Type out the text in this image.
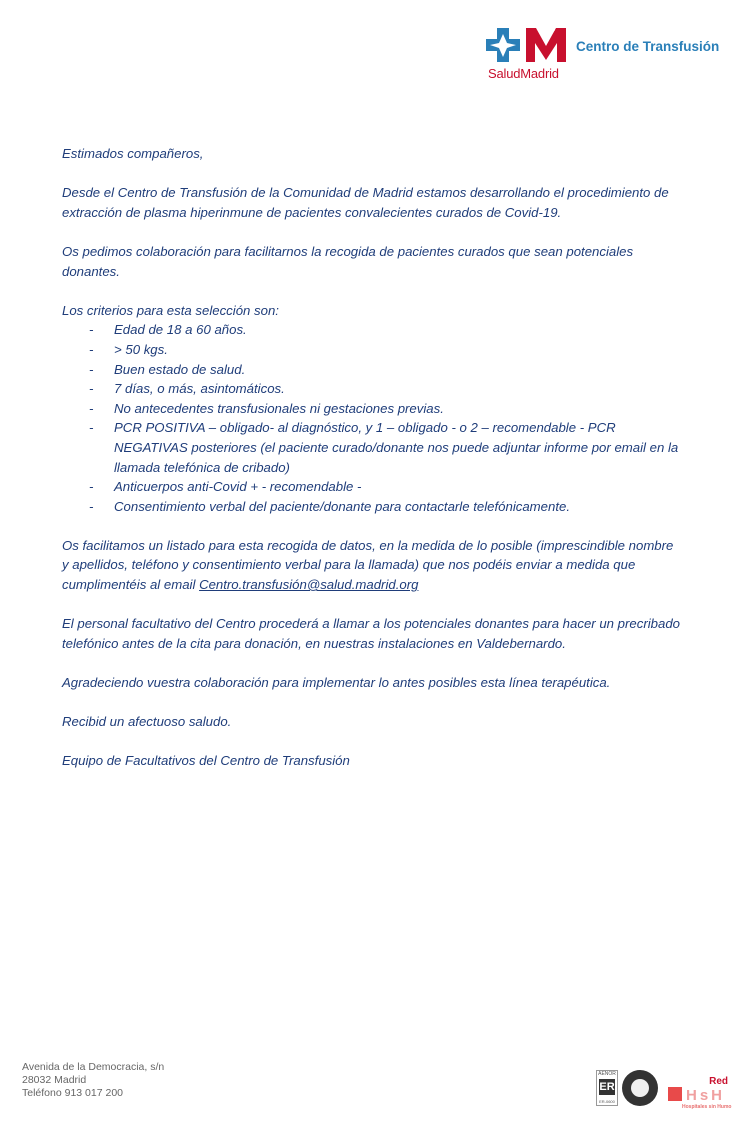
SaludMadrid
Centro de Transfusión

Estimados compañeros,

Desde el Centro de Transfusión de la Comunidad de Madrid estamos desarrollando el procedimiento de extracción de plasma hiperinmune de pacientes convalecientes curados de Covid-19.

Os pedimos colaboración para facilitarnos la recogida de pacientes curados que sean potenciales donantes.

Los criterios para esta selección son:

- Edad de 18 a 60 años.
- > 50 kgs.
- Buen estado de salud.
- 7 días, o más, asintomáticos.
- No antecedentes transfusionales ni gestaciones previas.
- PCR POSITIVA – obligado- al diagnóstico, y 1 – obligado - o 2 – recomendable - PCR NEGATIVAS posteriores (el paciente curado/donante nos puede adjuntar informe por email en la llamada telefónica de cribado)
- Anticuerpos anti-Covid + - recomendable -
- Consentimiento verbal del paciente/donante para contactarle telefónicamente.

Os facilitamos un listado para esta recogida de datos, en la medida de lo posible (imprescindible nombre y apellidos, teléfono y consentimiento verbal para la llamada) que nos podéis enviar a medida que cumplimentéis al email Centro.transfusión@salud.madrid.org

El personal facultativo del Centro procederá a llamar a los potenciales donantes para hacer un precribado telefónico antes de la cita para donación, en nuestras instalaciones en Valdebernardo.

Agradeciendo vuestra colaboración para implementar lo antes posibles esta línea terapéutica.

Recibid un afectuoso saludo.

Equipo de Facultativos del Centro de Transfusión

Avenida de la Democracia, s/n
28032 Madrid
Teléfono 913 017 200
AENOR
ER
ER-0600
Red
HsH
Hospitales sin Humo
